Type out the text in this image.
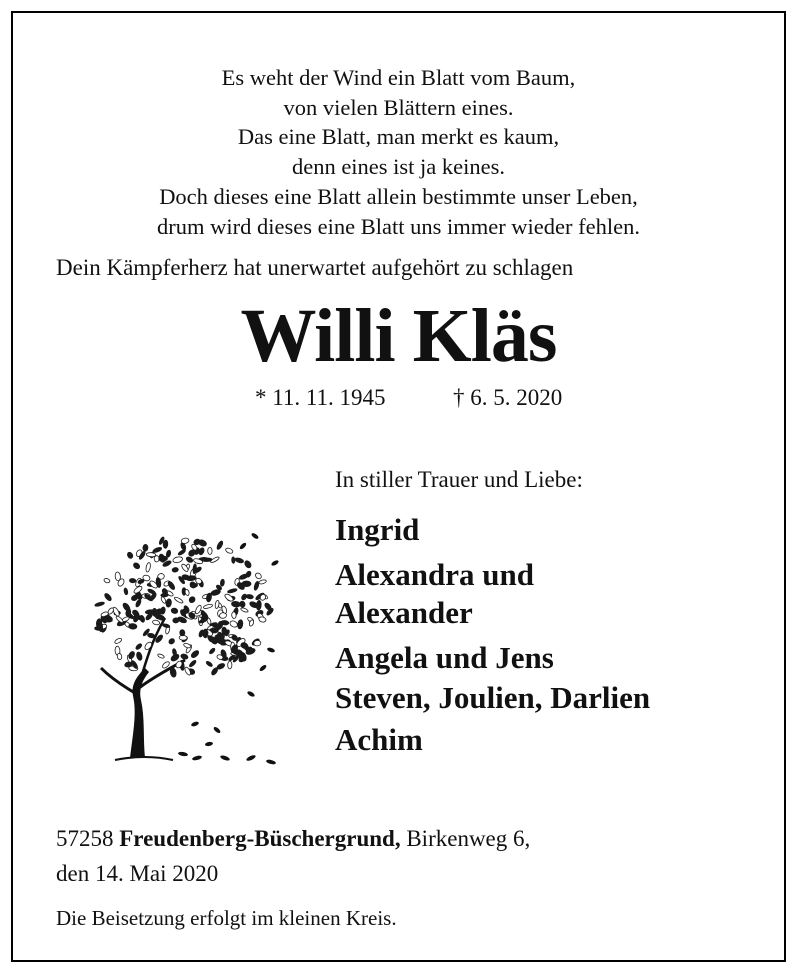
Es weht der Wind ein Blatt vom Baum,
von vielen Blättern eines.
Das eine Blatt, man merkt es kaum,
denn eines ist ja keines.
Doch dieses eine Blatt allein bestimmte unser Leben,
drum wird dieses eine Blatt uns immer wieder fehlen.
Dein Kämpferherz hat unerwartet aufgehört zu schlagen
Willi Kläs
* 11. 11. 1945	† 6. 5. 2020
In stiller Trauer und Liebe:
Ingrid
Alexandra und
Alexander
Angela und Jens
Steven, Joulien, Darlien
Achim
57258 Freudenberg-Büschergrund, Birkenweg 6,
den 14. Mai 2020
Die Beisetzung erfolgt im kleinen Kreis.
